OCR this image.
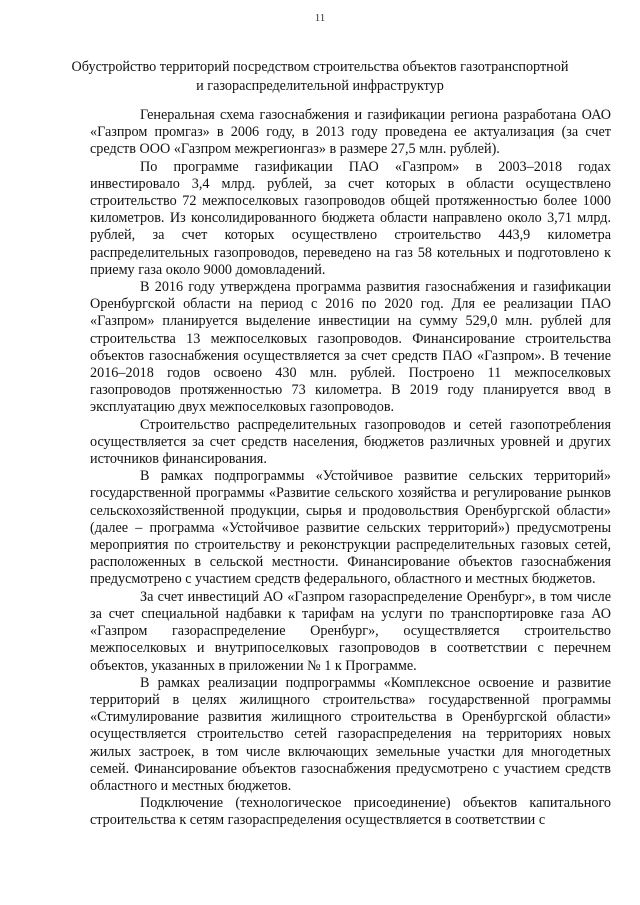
11
Обустройство территорий посредством строительства объектов газотранспортной и газораспределительной инфраструктур

Генеральная схема газоснабжения и газификации региона разработана ОАО «Газпром промгаз» в 2006 году, в 2013 году проведена ее актуализация (за счет средств ООО «Газпром межрегионгаз» в размере 27,5 млн. рублей).

По программе газификации ПАО «Газпром» в 2003–2018 годах инвестировало 3,4 млрд. рублей, за счет которых в области осуществлено строительство 72 межпоселковых газопроводов общей протяженностью более 1000 километров. Из консолидированного бюджета области направлено около 3,71 млрд. рублей, за счет которых осуществлено строительство 443,9 километра распределительных газопроводов, переведено на газ 58 котельных и подготовлено к приему газа около 9000 домовладений.

В 2016 году утверждена программа развития газоснабжения и газификации Оренбургской области на период с 2016 по 2020 год. Для ее реализации ПАО «Газпром» планируется выделение инвестиции на сумму 529,0 млн. рублей для строительства 13 межпоселковых газопроводов. Финансирование строительства объектов газоснабжения осуществляется за счет средств ПАО «Газпром». В течение 2016–2018 годов освоено 430 млн. рублей. Построено 11 межпоселковых газопроводов протяженностью 73 километра. В 2019 году планируется ввод в эксплуатацию двух межпоселковых газопроводов.

Строительство распределительных газопроводов и сетей газопотребления осуществляется за счет средств населения, бюджетов различных уровней и других источников финансирования.

В рамках подпрограммы «Устойчивое развитие сельских территорий» государственной программы «Развитие сельского хозяйства и регулирование рынков сельскохозяйственной продукции, сырья и продовольствия Оренбургской области» (далее – программа «Устойчивое развитие сельских территорий») предусмотрены мероприятия по строительству и реконструкции распределительных газовых сетей, расположенных в сельской местности. Финансирование объектов газоснабжения предусмотрено с участием средств федерального, областного и местных бюджетов.

За счет инвестиций АО «Газпром газораспределение Оренбург», в том числе за счет специальной надбавки к тарифам на услуги по транспортировке газа АО «Газпром газораспределение Оренбург», осуществляется строительство межпоселковых и внутрипоселковых газопроводов в соответствии с перечнем объектов, указанных в приложении № 1 к Программе.

В рамках реализации подпрограммы «Комплексное освоение и развитие территорий в целях жилищного строительства» государственной программы «Стимулирование развития жилищного строительства в Оренбургской области» осуществляется строительство сетей газораспределения на территориях новых жилых застроек, в том числе включающих земельные участки для многодетных семей. Финансирование объектов газоснабжения предусмотрено с участием средств областного и местных бюджетов.

Подключение (технологическое присоединение) объектов капитального строительства к сетям газораспределения осуществляется в соответствии с
